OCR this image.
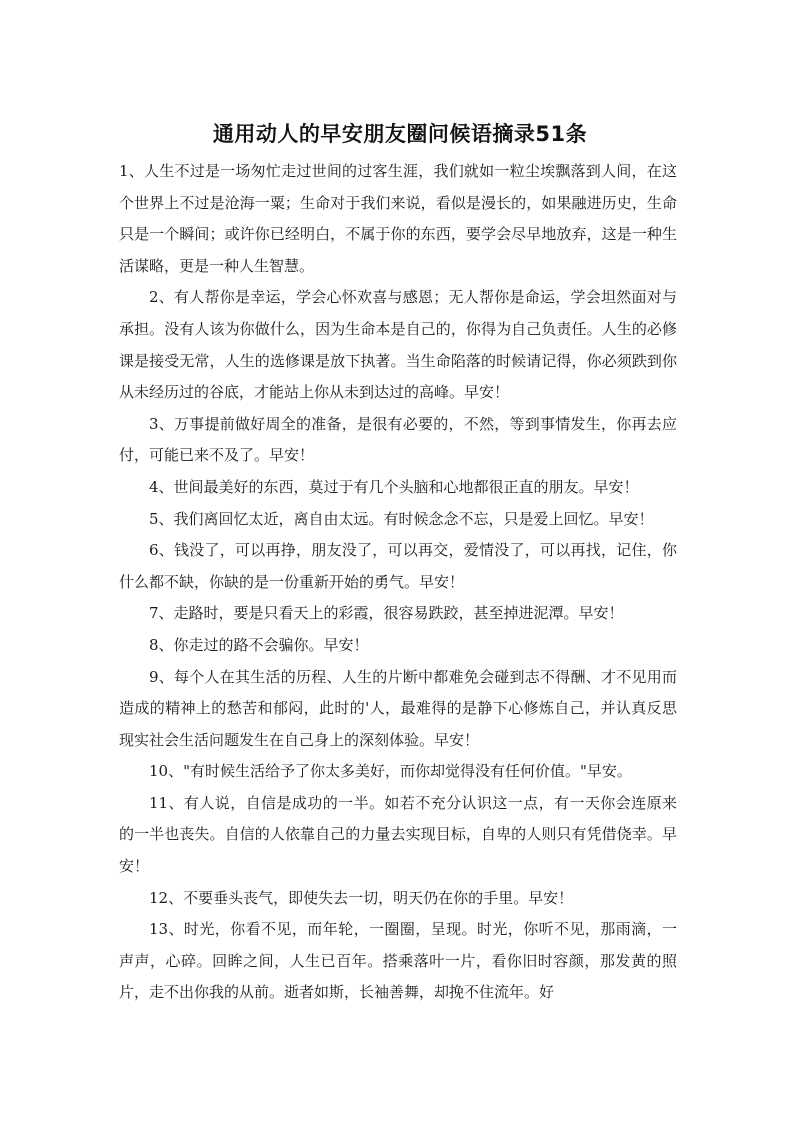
通用动人的早安朋友圈问候语摘录51条

1、人生不过是一场匆忙走过世间的过客生涯，我们就如一粒尘埃飘落到人间，在这个世界上不过是沧海一粟；生命对于我们来说，看似是漫长的，如果融进历史，生命只是一个瞬间；或许你已经明白，不属于你的东西，要学会尽早地放弃，这是一种生活谋略，更是一种人生智慧。

2、有人帮你是幸运，学会心怀欢喜与感恩；无人帮你是命运，学会坦然面对与承担。没有人该为你做什么，因为生命本是自己的，你得为自己负责任。人生的必修课是接受无常，人生的选修课是放下执著。当生命陷落的时候请记得，你必须跌到你从未经历过的谷底，才能站上你从未到达过的高峰。早安！

3、万事提前做好周全的准备，是很有必要的，不然，等到事情发生，你再去应付，可能已来不及了。早安！

4、世间最美好的东西，莫过于有几个头脑和心地都很正直的朋友。早安！

5、我们离回忆太近，离自由太远。有时候念念不忘，只是爱上回忆。早安！

6、钱没了，可以再挣，朋友没了，可以再交，爱情没了，可以再找，记住，你什么都不缺，你缺的是一份重新开始的勇气。早安！

7、走路时，要是只看天上的彩霞，很容易跌跤，甚至掉进泥潭。早安！

8、你走过的路不会骗你。早安！

9、每个人在其生活的历程、人生的片断中都难免会碰到志不得酬、才不见用而造成的精神上的愁苦和郁闷，此时的'人，最难得的是静下心修炼自己，并认真反思现实社会生活问题发生在自己身上的深刻体验。早安！

10、"有时候生活给予了你太多美好，而你却觉得没有任何价值。"早安。

11、有人说，自信是成功的一半。如若不充分认识这一点，有一天你会连原来的一半也丧失。自信的人依靠自己的力量去实现目标，自卑的人则只有凭借侥幸。早安！

12、不要垂头丧气，即使失去一切，明天仍在你的手里。早安！

13、时光，你看不见，而年轮，一圈圈，呈现。时光，你听不见，那雨滴，一声声，心碎。回眸之间，人生已百年。搭乘落叶一片，看你旧时容颜，那发黄的照片，走不出你我的从前。逝者如斯，长袖善舞，却挽不住流年。好
